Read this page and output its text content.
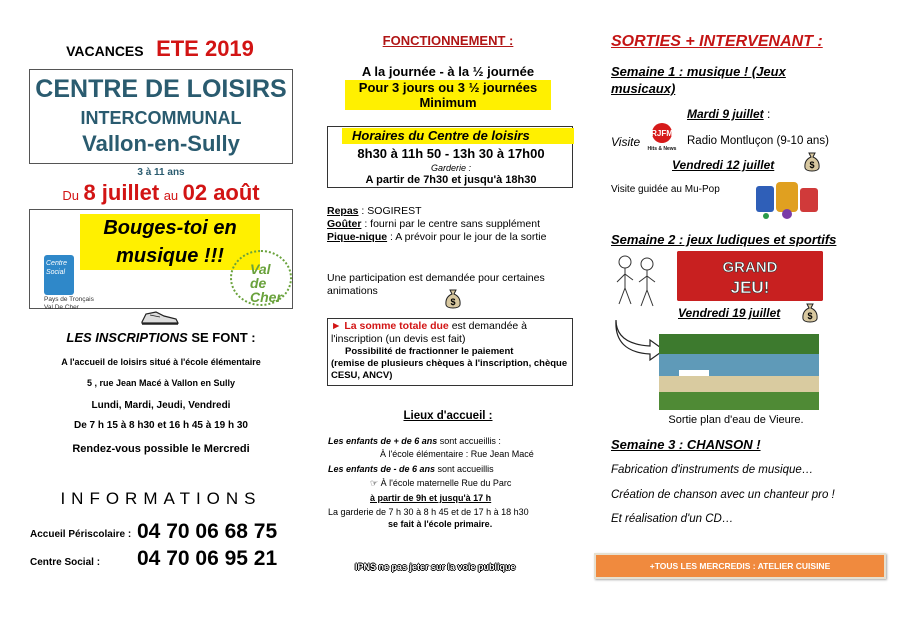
VACANCES ETE 2019
CENTRE DE LOISIRS
INTERCOMMUNAL
Vallon-en-Sully
3 à 11 ans
Du 8 juillet au 02 août
Bouges-toi en
musique !!!
Centre Social
Pays de Tronçais
Val De Cher
Val de Cher
LES INSCRIPTIONS SE FONT :
A l'accueil de loisirs situé à l'école élémentaire
5 , rue Jean Macé à Vallon en Sully
Lundi, Mardi, Jeudi, Vendredi
De 7 h 15 à 8 h30 et 16 h 45 à 19 h 30
Rendez-vous possible le Mercredi
INFORMATIONS
Accueil Périscolaire : 04 70 06 68 75
Centre Social : 04 70 06 95 21
FONCTIONNEMENT :
A la journée - à la ½ journée
Pour 3 jours ou 3 ½ journées
Minimum
Horaires du Centre de loisirs
8h30 à 11h 50 - 13h 30 à 17h00
Garderie :
A partir de 7h30 et jusqu'à 18h30
Repas : SOGIREST
Goûter : fourni par le centre sans supplément
Pique-nique : A prévoir pour le jour de la sortie
Une participation est demandée pour certaines animations
$
► La somme totale due est demandée à l'inscription (un devis est fait)
Possibilité de fractionner le paiement
(remise de plusieurs chèques à l'inscription, chèque CESU, ANCV)
Lieux d'accueil :
Les enfants de + de 6 ans sont accueillis :
À l'école élémentaire : Rue Jean Macé
Les enfants de - de 6 ans sont accueillis
☞ À l'école maternelle Rue du Parc
à partir de 9h et jusqu'à 17 h
La garderie de 7 h 30 à 8 h 45 et de 17 h à 18 h30
se fait à l'école primaire.
IPNS ne pas jeter sur la voie publique
SORTIES + INTERVENANT :
Semaine 1 : musique ! (Jeux musicaux)
Mardi 9 juillet :
Visite
RJFM
Hits & News
Radio Montluçon (9-10 ans)
Vendredi 12 juillet	$
Visite guidée au Mu-Pop
Semaine 2 : jeux ludiques et sportifs
GRAND
JEU!
Vendredi 19 juillet	$
Sortie plan d'eau de Vieure.
Semaine 3 : CHANSON !
Fabrication d'instruments de musique…
Création de chanson avec un chanteur pro !
Et réalisation d'un CD…
+TOUS LES MERCREDIS : ATELIER CUISINE
